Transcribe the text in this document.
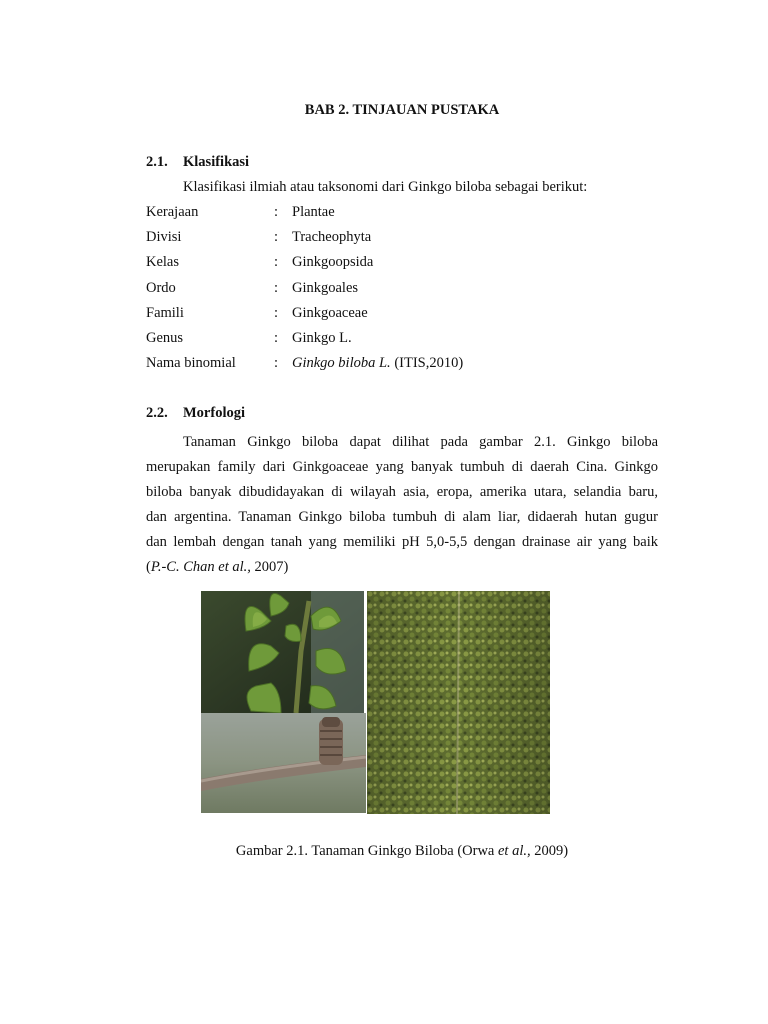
BAB 2. TINJAUAN PUSTAKA
2.1. Klasifikasi
Klasifikasi ilmiah atau taksonomi dari Ginkgo biloba sebagai berikut:
Kerajaan	: Plantae
Divisi	: Tracheophyta
Kelas	: Ginkgoopsida
Ordo	: Ginkgoales
Famili	: Ginkgoaceae
Genus	: Ginkgo L.
Nama binomial	: Ginkgo biloba L. (ITIS,2010)
2.2. Morfologi
Tanaman Ginkgo biloba dapat dilihat pada gambar 2.1. Ginkgo biloba
merupakan family dari Ginkgoaceae yang banyak tumbuh di daerah Cina. Ginkgo
biloba banyak dibudidayakan di wilayah asia, eropa, amerika utara, selandia baru,
dan argentina. Tanaman Ginkgo biloba tumbuh di alam liar, didaerah hutan gugur
dan lembah dengan tanah yang memiliki pH 5,0-5,5 dengan drainase air yang baik
(P.-C. Chan et al., 2007)
Gambar 2.1. Tanaman Ginkgo Biloba (Orwa et al., 2009)
